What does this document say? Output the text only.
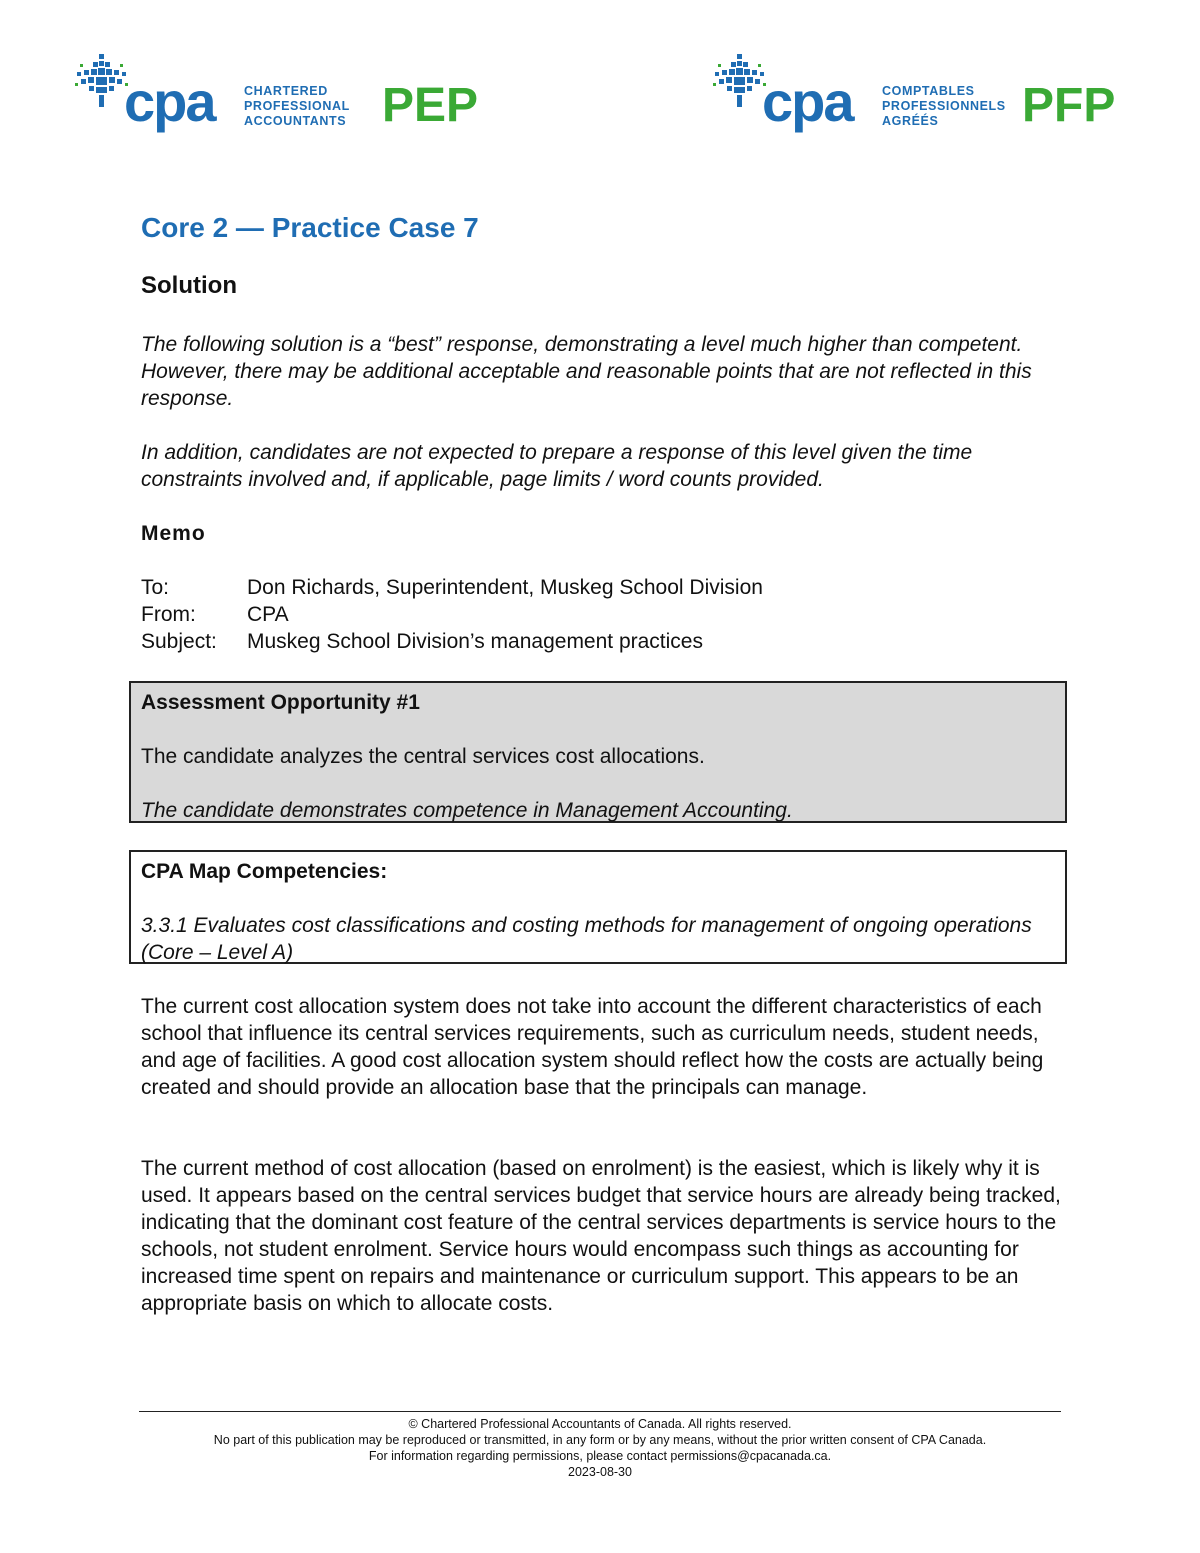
cpa CHARTERED
PROFESSIONAL
ACCOUNTANTS PEP	cpa COMPTABLES
PROFESSIONNELS
AGRÉÉS	PFP
Core 2 — Practice Case 7
Solution
The following solution is a “best” response, demonstrating a level much higher than competent. However, there may be additional acceptable and reasonable points that are not reflected in this response.
In addition, candidates are not expected to prepare a response of this level given the time constraints involved and, if applicable, page limits / word counts provided.
Memo
To:	Don Richards, Superintendent, Muskeg School Division
From:	CPA
Subject:	Muskeg School Division’s management practices
Assessment Opportunity #1

The candidate analyzes the central services cost allocations.

The candidate demonstrates competence in Management Accounting.

CPA Map Competencies:

3.3.1 Evaluates cost classifications and costing methods for management of ongoing operations (Core – Level A)

The current cost allocation system does not take into account the different characteristics of each school that influence its central services requirements, such as curriculum needs, student needs, and age of facilities. A good cost allocation system should reflect how the costs are actually being created and should provide an allocation base that the principals can manage.
The current method of cost allocation (based on enrolment) is the easiest, which is likely why it is used. It appears based on the central services budget that service hours are already being tracked, indicating that the dominant cost feature of the central services departments is service hours to the schools, not student enrolment. Service hours would encompass such things as accounting for increased time spent on repairs and maintenance or curriculum support. This appears to be an appropriate basis on which to allocate costs.
© Chartered Professional Accountants of Canada. All rights reserved.
No part of this publication may be reproduced or transmitted, in any form or by any means, without the prior written consent of CPA Canada.
For information regarding permissions, please contact permissions@cpacanada.ca.
2023-08-30
